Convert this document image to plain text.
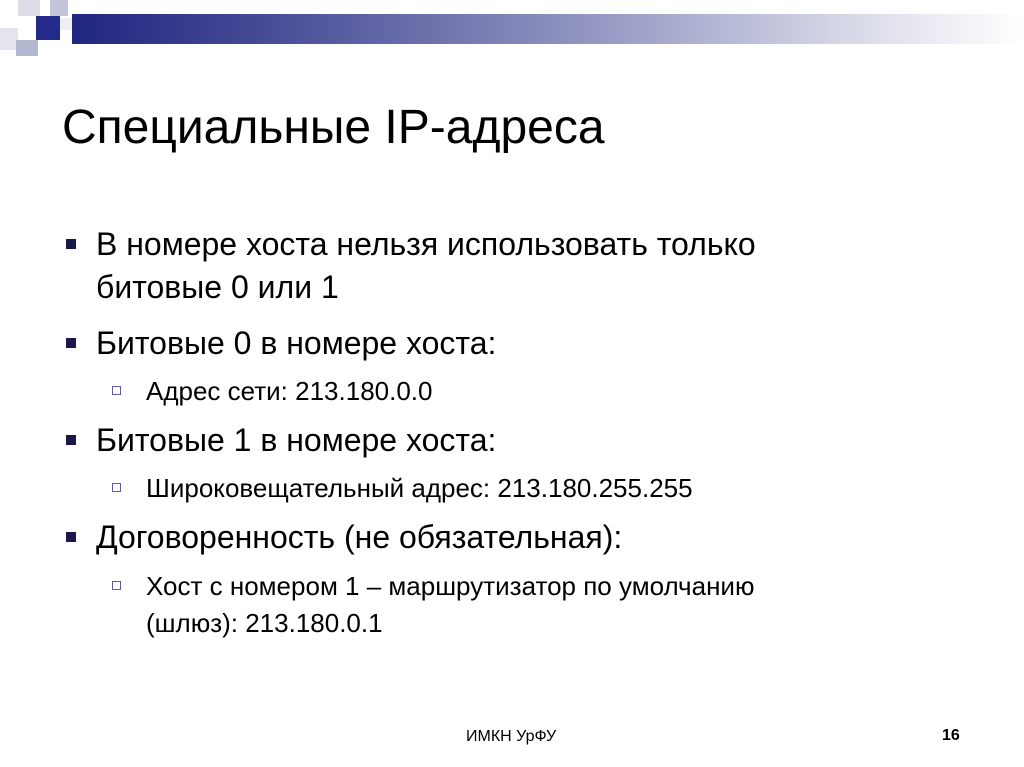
Специальные IP-адреса
В номере хоста нельзя использовать только
битовые 0 или 1
Битовые 0 в номере хоста:
Адрес сети: 213.180.0.0
Битовые 1 в номере хоста:
Широковещательный адрес: 213.180.255.255
Договоренность (не обязательная):
Хост с номером 1 – маршрутизатор по умолчанию
(шлюз): 213.180.0.1
ИМКН УрФУ	16
